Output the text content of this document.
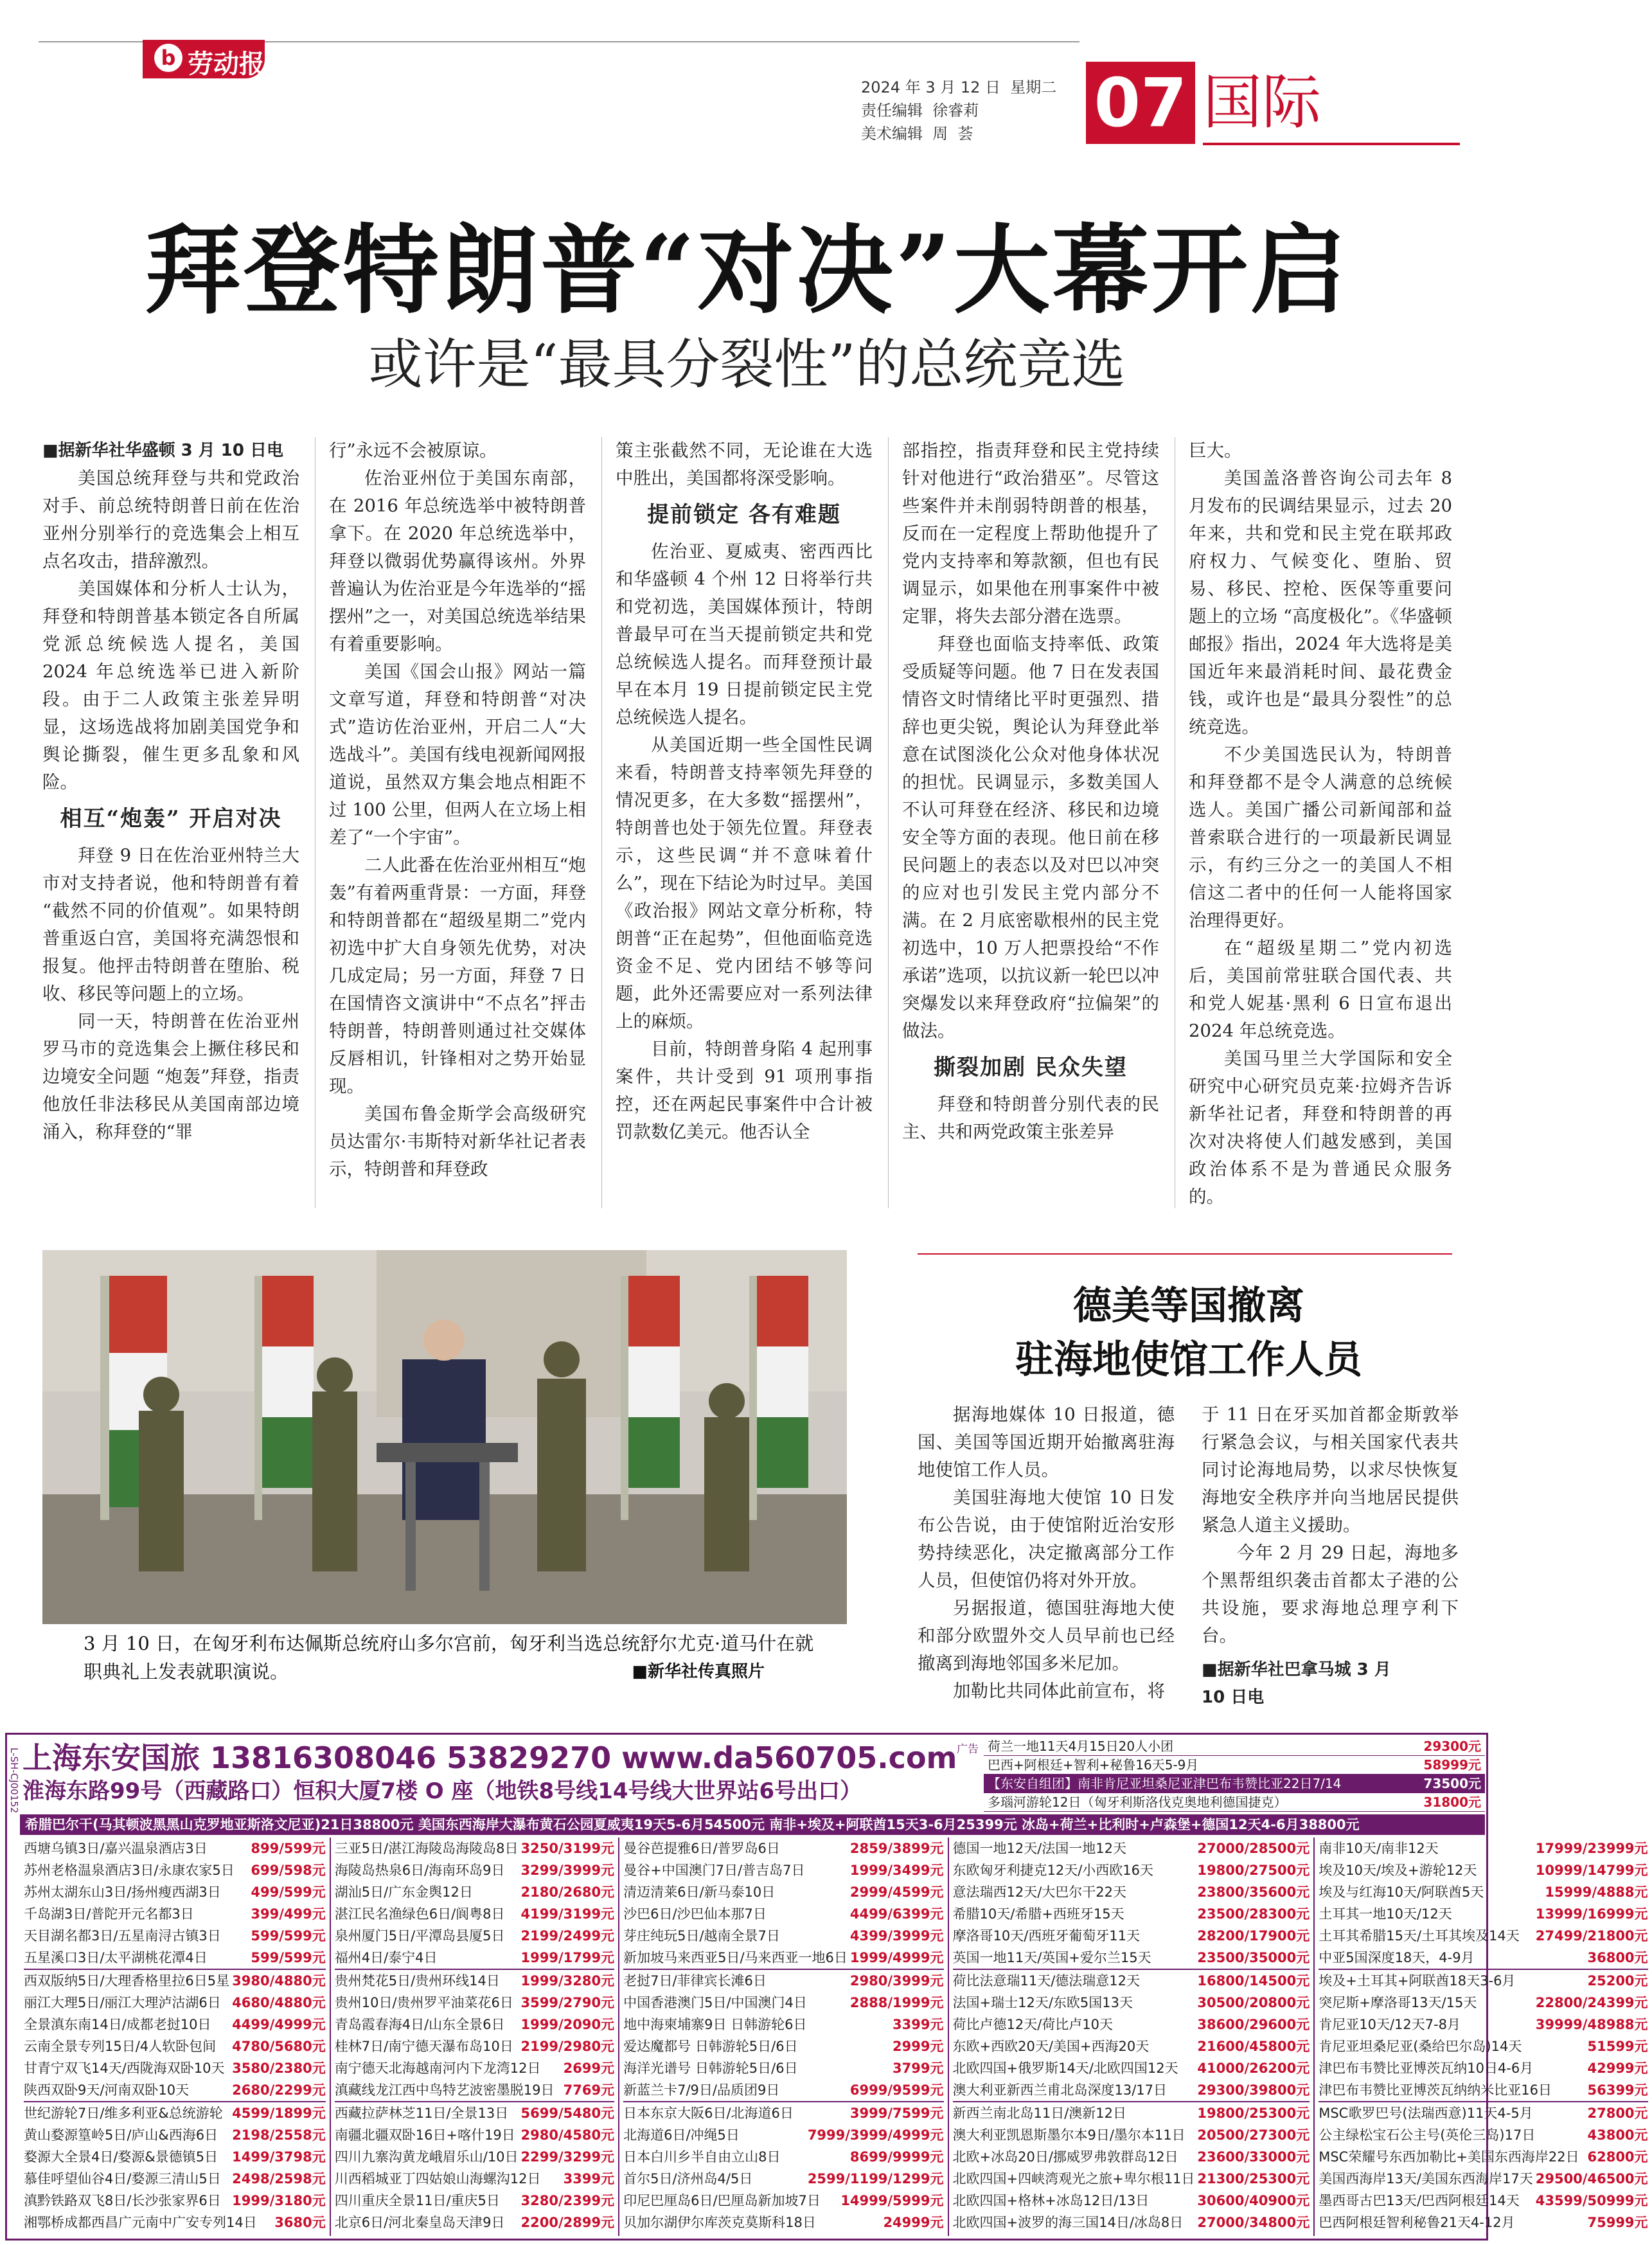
b 劳动报
2024 年 3 月 12 日  星期二
责任编辑  徐睿莉
美术编辑  周  荟	07 国际
拜登特朗普“对决”大幕开启
或许是“最具分裂性”的总统竞选
■据新华社华盛顿 3 月 10 日电

美国总统拜登与共和党政治对手、前总统特朗普日前在佐治亚州分别举行的竞选集会上相互点名攻击，措辞激烈。

美国媒体和分析人士认为，拜登和特朗普基本锁定各自所属党派总统候选人提名，美国 2024 年总统选举已进入新阶段。由于二人政策主张差异明显，这场选战将加剧美国党争和舆论撕裂，催生更多乱象和风险。

相互“炮轰” 开启对决

拜登 9 日在佐治亚州特兰大市对支持者说，他和特朗普有着 “截然不同的价值观”。如果特朗普重返白宫，美国将充满怨恨和报复。他抨击特朗普在堕胎、税收、移民等问题上的立场。

同一天，特朗普在佐治亚州罗马市的竞选集会上撅住移民和边境安全问题 “炮轰”拜登，指责他放任非法移民从美国南部边境涌入，称拜登的“罪

行”永远不会被原谅。

佐治亚州位于美国东南部，在 2016 年总统选举中被特朗普拿下。在 2020 年总统选举中，拜登以微弱优势赢得该州。外界普遍认为佐治亚是今年选举的“摇摆州”之一，对美国总统选举结果有着重要影响。

美国《国会山报》网站一篇文章写道，拜登和特朗普“对决式”造访佐治亚州，开启二人“大选战斗”。美国有线电视新闻网报道说，虽然双方集会地点相距不过 100 公里，但两人在立场上相差了“一个宇宙”。

二人此番在佐治亚州相互“炮轰”有着两重背景：一方面，拜登和特朗普都在“超级星期二”党内初选中扩大自身领先优势，对决几成定局；另一方面，拜登 7 日在国情咨文演讲中“不点名”抨击特朗普，特朗普则通过社交媒体反唇相讥，针锋相对之势开始显现。

美国布鲁金斯学会高级研究员达雷尔·韦斯特对新华社记者表示，特朗普和拜登政

策主张截然不同，无论谁在大选中胜出，美国都将深受影响。

提前锁定 各有难题

佐治亚、夏威夷、密西西比和华盛顿 4 个州 12 日将举行共和党初选，美国媒体预计，特朗普最早可在当天提前锁定共和党总统候选人提名。而拜登预计最早在本月 19 日提前锁定民主党总统候选人提名。

从美国近期一些全国性民调来看，特朗普支持率领先拜登的情况更多，在大多数“摇摆州”，特朗普也处于领先位置。拜登表示，这些民调“并不意味着什么”，现在下结论为时过早。美国《政治报》网站文章分析称，特朗普“正在起势”，但他面临竞选资金不足、党内团结不够等问题，此外还需要应对一系列法律上的麻烦。

目前，特朗普身陷 4 起刑事案件，共计受到 91 项刑事指控，还在两起民事案件中合计被罚款数亿美元。他否认全

部指控，指责拜登和民主党持续针对他进行“政治猎巫”。尽管这些案件并未削弱特朗普的根基，反而在一定程度上帮助他提升了党内支持率和筹款额，但也有民调显示，如果他在刑事案件中被定罪，将失去部分潜在选票。

拜登也面临支持率低、政策受质疑等问题。他 7 日在发表国情咨文时情绪比平时更强烈、措辞也更尖锐，舆论认为拜登此举意在试图淡化公众对他身体状况的担忧。民调显示，多数美国人不认可拜登在经济、移民和边境安全等方面的表现。他日前在移民问题上的表态以及对巴以冲突的应对也引发民主党内部分不满。在 2 月底密歇根州的民主党初选中，10 万人把票投给“不作承诺”选项，以抗议新一轮巴以冲突爆发以来拜登政府“拉偏架”的做法。

撕裂加剧 民众失望

拜登和特朗普分别代表的民主、共和两党政策主张差异

巨大。

美国盖洛普咨询公司去年 8 月发布的民调结果显示，过去 20 年来，共和党和民主党在联邦政府权力、气候变化、堕胎、贸易、移民、控枪、医保等重要问题上的立场 “高度极化”。《华盛顿邮报》指出，2024 年大选将是美国近年来最消耗时间、最花费金钱，或许也是“最具分裂性”的总统竞选。

不少美国选民认为，特朗普和拜登都不是令人满意的总统候选人。美国广播公司新闻部和益普索联合进行的一项最新民调显示，有约三分之一的美国人不相信这二者中的任何一人能将国家治理得更好。

在“超级星期二”党内初选后，美国前常驻联合国代表、共和党人妮基·黑利 6 日宣布退出 2024 年总统竞选。

美国马里兰大学国际和安全研究中心研究员克莱·拉姆齐告诉新华社记者，拜登和特朗普的再次对决将使人们越发感到，美国政治体系不是为普通民众服务的。

3 月 10 日，在匈牙利布达佩斯总统府山多尔宫前，匈牙利当选总统舒尔尤克·道马什在就
职典礼上发表就职演说。	■新华社传真照片
德美等国撤离
驻海地使馆工作人员

据海地媒体 10 日报道，德国、美国等国近期开始撤离驻海地使馆工作人员。

美国驻海地大使馆 10 日发布公告说，由于使馆附近治安形势持续恶化，决定撤离部分工作人员，但使馆仍将对外开放。

另据报道，德国驻海地大使和部分欧盟外交人员早前也已经撤离到海地邻国多米尼加。

加勒比共同体此前宣布，将

于 11 日在牙买加首都金斯敦举行紧急会议，与相关国家代表共同讨论海地局势，以求尽快恢复海地安全秩序并向当地居民提供紧急人道主义援助。

今年 2 月 29 日起，海地多个黑帮组织袭击首都太子港的公共设施，要求海地总理亨利下台。

■据新华社巴拿马城 3 月
10 日电
L-SH-CJ00152 上海东安国旅 13816308046 53829270 www.da560705.com
淮海东路99号（西藏路口）恒积大厦7楼 O 座（地铁8号线14号线大世界站6号出口）
广告 荷兰一地11天4月15日20人小团	29300元
巴西+阿根廷+智利+秘鲁16天5-9月	58999元
【东安自组团】南非肯尼亚坦桑尼亚津巴布韦赞比亚22日7/14	73500元
多瑙河游轮12日（匈牙利斯洛伐克奥地利德国捷克）	31800元
希腊巴尔干(马其顿波黑黑山克罗地亚斯洛文尼亚)21日38800元 美国东西海岸大瀑布黄石公园夏威夷19天5-6月54500元 南非+埃及+阿联酋15天3-6月25399元 冰岛+荷兰+比利时+卢森堡+德国12天4-6月38800元
西塘乌镇3日/嘉兴温泉酒店3日	899/599元
苏州老格温泉酒店3日/永康农家5日 699/598元
苏州太湖东山3日/扬州瘦西湖3日 499/599元
千岛湖3日/普陀开元名都3日	399/499元
天目湖名都3日/五星南浔古镇3日 599/599元
五星溪口3日/太平湖桃花潭4日	599/599元
西双版纳5日/大理香格里拉6日5星 3980/4880元
丽江大理5日/丽江大理泸沽湖6日 4680/4880元
全景滇东南14日/成都老挝10日 4499/4999元
云南全景专列15日/4人软卧包间 4780/5680元
甘青宁双飞14天/西陇海双卧10天 3580/2380元
陕西双卧9天/河南双卧10天	2680/2299元
世纪游轮7日/维多利亚&总统游轮 4599/1899元
黄山婺源篁岭5日/庐山&西海6日 2198/2558元
婺源大全景4日/婺源&景德镇5日 1499/3798元
慕佳呼望仙谷4日/婺源三清山5日 2498/2598元
滇黔铁路双飞8日/长沙张家界6日 1999/3180元
湘鄂桥成都西昌广元南中广安专列14日 3680元
三亚5日/湛江海陵岛海陵岛8日 3250/3199元
海陵岛热泉6日/海南环岛9日 3299/3999元
湖汕5日/广东金舆12日	2180/2680元
湛江民名渔绿色6日/阆粤8日 4199/3199元
泉州厦门5日/平潭岛县厦5日 2199/2499元
福州4日/泰宁4日	1999/1799元
贵州梵花5日/贵州环线14日 1999/3280元
贵州10日/贵州罗平油菜花6日 3599/2790元
青岛霞春海4日/山东全景6日 1999/2090元
桂林7日/南宁德天瀑布岛10日 2199/2980元
南宁德天北海越南河内下龙湾12日 2699元
滇藏线龙江西中鸟特艺波密墨脱19日 7769元
西藏拉萨林芝11日/全景13日 5699/5480元
南疆北疆双卧16日+喀什19日 2980/4580元
四川九寨沟黄龙峨眉乐山/10日 2299/3299元
川西稻城亚丁四姑娘山海螺沟12日 3399元
四川重庆全景11日/重庆5日 3280/2399元
北京6日/河北秦皇岛天津9日 2200/2899元
曼谷芭提雅6日/普罗岛6日	2859/3899元
曼谷+中国澳门7日/普吉岛7日	1999/3499元
清迈清莱6日/新马泰10日	2999/4599元
沙巴6日/沙巴仙本那7日	4499/6399元
芽庄纯玩5日/越南全景7日	4399/3999元
新加坡马来西亚5日/马来西亚一地6日 1999/4999元
老挝7日/菲律宾长滩6日	2980/3999元
中国香港澳门5日/中国澳门4日	2888/1999元
地中海柬埔寨9日 日韩游轮6日	3399元
爱达魔都号 日韩游轮5日/6日	2999元
海洋光谱号 日韩游轮5日/6日	3799元
新蓝兰卡7/9日/品质团9日	6999/9599元
日本东京大阪6日/北海道6日	3999/7599元
北海道6日/冲绳5日	7999/3999/4999元
日本白川乡半自由立山8日	8699/9999元
首尔5日/济州岛4/5日	2599/1199/1299元
印尼巴厘岛6日/巴厘岛新加坡7日 14999/5999元
贝加尔湖伊尔库茨克莫斯科18日	24999元
德国一地12天/法国一地12天	27000/28500元
东欧匈牙利捷克12天/小西欧16天	19800/27500元
意法瑞西12天/大巴尔干22天	23800/35600元
希腊10天/希腊+西班牙15天	23500/28300元
摩洛哥10天/西班牙葡萄牙11天	28200/17900元
英国一地11天/英国+爱尔兰15天	23500/35000元
荷比法意瑞11天/德法瑞意12天	16800/14500元
法国+瑞士12天/东欧5国13天	30500/20800元
荷比卢德12天/荷比卢10天	38600/29600元
东欧+西欧20天/美国+西海20天	21600/45800元
北欧四国+俄罗斯14天/北欧四国12天 41000/26200元
澳大利亚新西兰甫北岛深度13/17日 29300/39800元
新西兰南北岛11日/澳新12日	19800/25300元
澳大利亚凯恩斯墨尔本9日/墨尔本11日 20500/27300元
北欧+冰岛20日/挪威罗弗敦群岛12日 23600/33000元
北欧四国+四峡湾观光之旅+卑尔根11日 21300/25300元
北欧四国+格林+冰岛12日/13日	30600/40900元
北欧四国+波罗的海三国14日/冰岛8日 27000/34800元
南非10天/南非12天	17999/23999元
埃及10天/埃及+游轮12天	10999/14799元
埃及与红海10天/阿联酋5天	15999/4888元
土耳其一地10天/12天	13999/16999元
土耳其希腊15天/土耳其埃及14天 27499/21800元
中亚5国深度18天，4-9月	36800元
埃及+土耳其+阿联酋18天3-6月	25200元
突尼斯+摩洛哥13天/15天	22800/24399元
肯尼亚10天/12天7-8月	39999/48988元
肯尼亚坦桑尼亚(桑给巴尔岛)14天	51599元
津巴布韦赞比亚博茨瓦纳10日4-6月	42999元
津巴布韦赞比亚博茨瓦纳纳米比亚16日	56399元
MSC歌罗巴号(法瑞西意)11天4-5月	27800元
公主绿松宝石公主号(英伦三岛)17日	43800元
MSC荣耀号东西加勒比+美国东西海岸22日 62800元
美国西海岸13天/美国东西海岸17天 29500/46500元
墨西哥古巴13天/巴西阿根廷14天 43599/50999元
巴西阿根廷智利秘鲁21天4-12月	75999元
